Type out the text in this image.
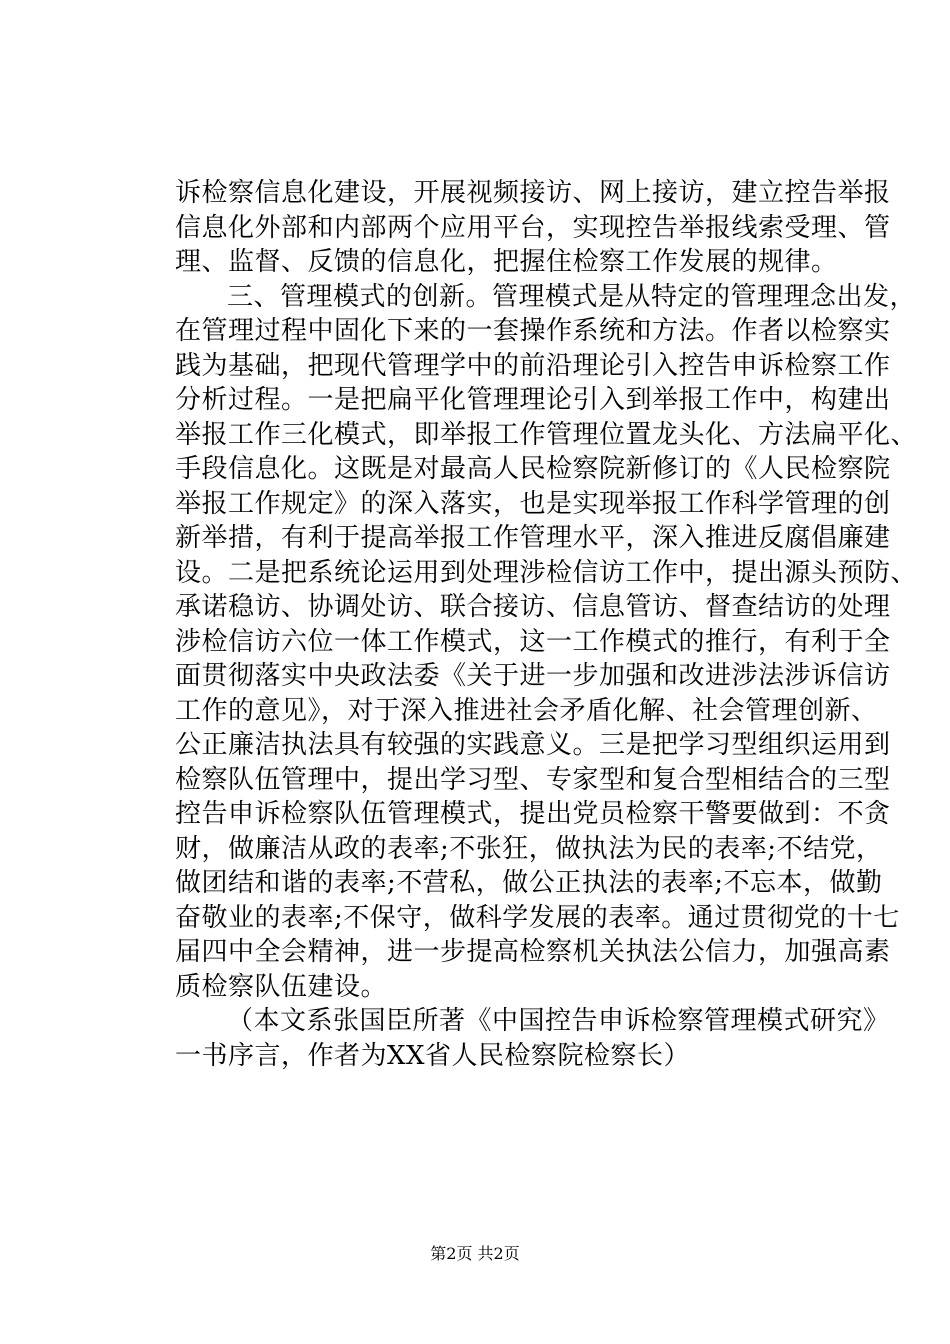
诉检察信息化建设，开展视频接访、网上接访，建立控告举报
信息化外部和内部两个应用平台，实现控告举报线索受理、管
理、监督、反馈的信息化，把握住检察工作发展的规律。
三、管理模式的创新。管理模式是从特定的管理理念出发，
在管理过程中固化下来的一套操作系统和方法。作者以检察实
践为基础，把现代管理学中的前沿理论引入控告申诉检察工作
分析过程。一是把扁平化管理理论引入到举报工作中，构建出
举报工作三化模式，即举报工作管理位置龙头化、方法扁平化、
手段信息化。这既是对最高人民检察院新修订的《人民检察院
举报工作规定》的深入落实，也是实现举报工作科学管理的创
新举措，有利于提高举报工作管理水平，深入推进反腐倡廉建
设。二是把系统论运用到处理涉检信访工作中，提出源头预防、
承诺稳访、协调处访、联合接访、信息管访、督查结访的处理
涉检信访六位一体工作模式，这一工作模式的推行，有利于全
面贯彻落实中央政法委《关于进一步加强和改进涉法涉诉信访
工作的意见》，对于深入推进社会矛盾化解、社会管理创新、
公正廉洁执法具有较强的实践意义。三是把学习型组织运用到
检察队伍管理中，提出学习型、专家型和复合型相结合的三型
控告申诉检察队伍管理模式，提出党员检察干警要做到：不贪
财，做廉洁从政的表率;不张狂，做执法为民的表率;不结党，
做团结和谐的表率;不营私，做公正执法的表率;不忘本，做勤
奋敬业的表率;不保守，做科学发展的表率。通过贯彻党的十七
届四中全会精神，进一步提高检察机关执法公信力，加强高素
质检察队伍建设。
（本文系张国臣所著《中国控告申诉检察管理模式研究》
一书序言，作者为XX省人民检察院检察长）
第2页 共2页
